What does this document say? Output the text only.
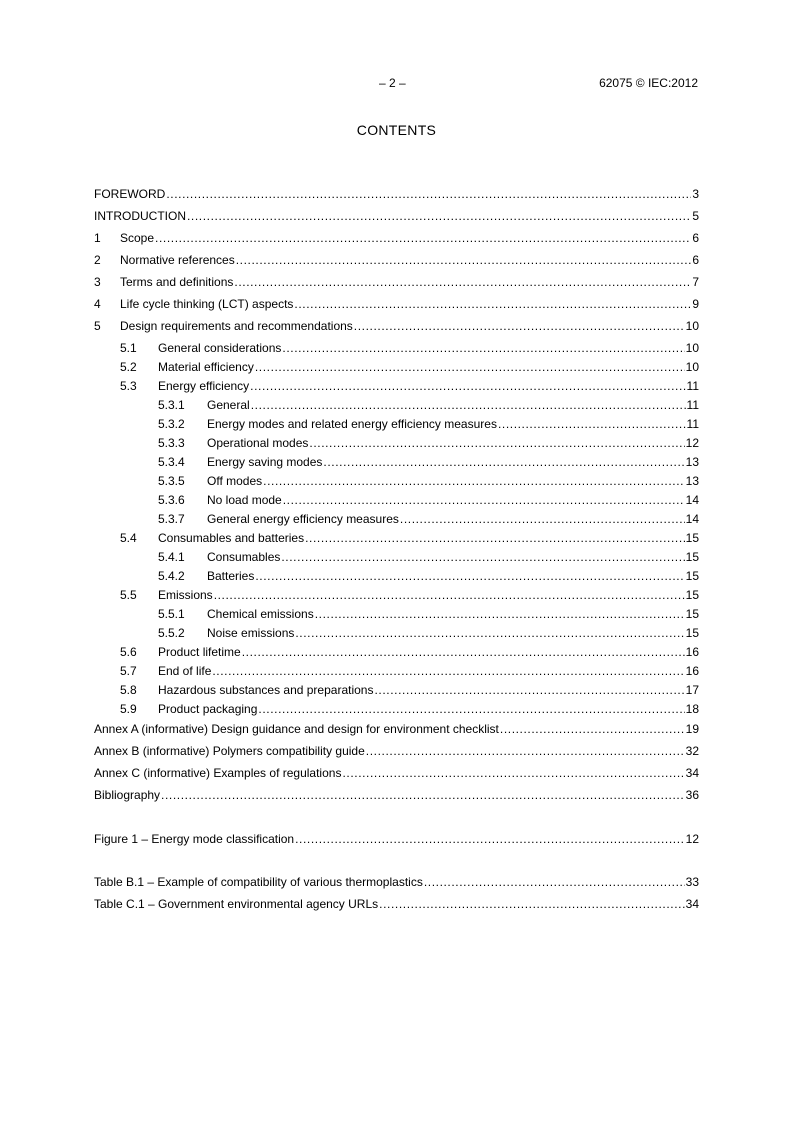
– 2 –	62075 © IEC:2012
CONTENTS
FOREWORD .....	3
INTRODUCTION .....	5
1	Scope .....	6
2	Normative references .....	6
3	Terms and definitions .....	7
4	Life cycle thinking (LCT) aspects .....	9
5	Design requirements and recommendations .....	10
5.1	General considerations .....	10
5.2	Material efficiency .....	10
5.3	Energy efficiency .....	11
5.3.1	General .....	11
5.3.2	Energy modes and related energy efficiency measures .....	11
5.3.3	Operational modes .....	12
5.3.4	Energy saving modes .....	13
5.3.5	Off modes .....	13
5.3.6	No load mode .....	14
5.3.7	General energy efficiency measures .....	14
5.4	Consumables and batteries .....	15
5.4.1	Consumables .....	15
5.4.2	Batteries .....	15
5.5	Emissions .....	15
5.5.1	Chemical emissions .....	15
5.5.2	Noise emissions .....	15
5.6	Product lifetime .....	16
5.7	End of life .....	16
5.8	Hazardous substances and preparations .....	17
5.9	Product packaging .....	18
Annex A (informative) Design guidance and design for environment checklist .....	19
Annex B (informative) Polymers compatibility guide .....	32
Annex C (informative) Examples of regulations .....	34
Bibliography .....	36
Figure 1 – Energy mode classification .....	12
Table B.1 – Example of compatibility of various thermoplastics .....	33
Table C.1 – Government environmental agency URLs .....	34
